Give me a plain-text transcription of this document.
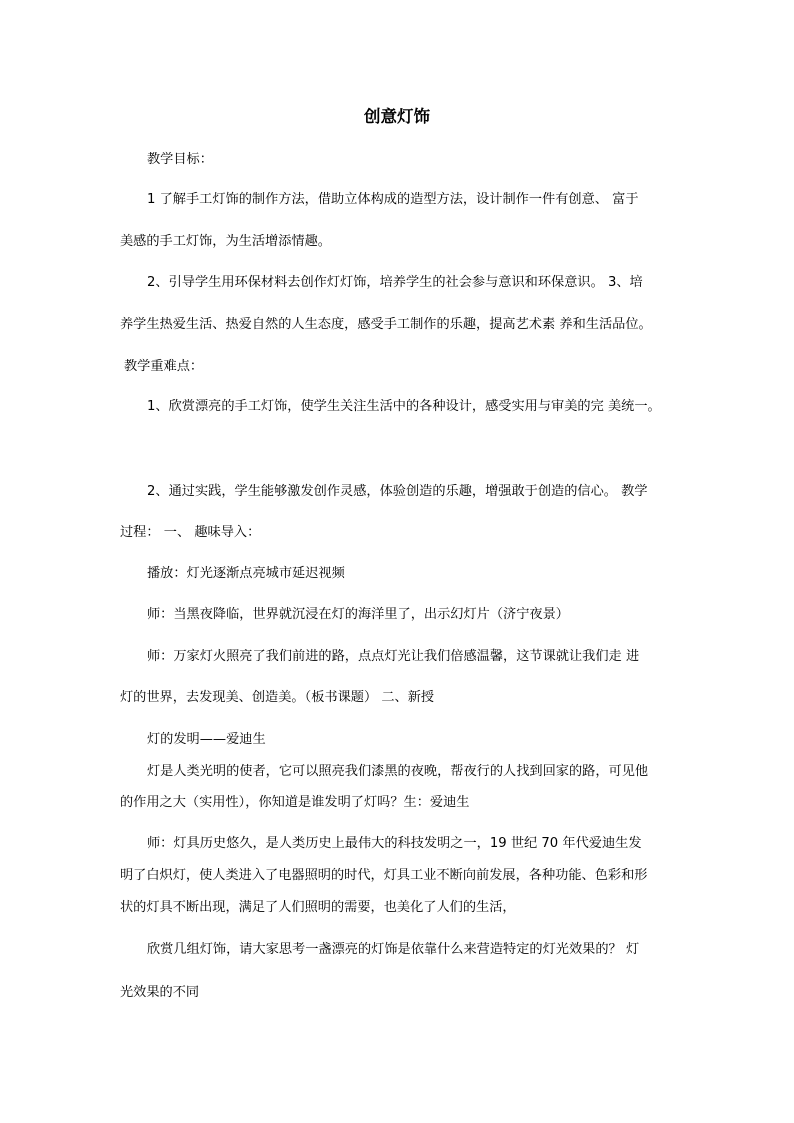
创意灯饰
教学目标：
1 了解手工灯饰的制作方法，借助立体构成的造型方法，设计制作一件有创意、 富于
美感的手工灯饰，为生活增添情趣。
2、引导学生用环保材料去创作灯灯饰，培养学生的社会参与意识和环保意识。 3、培
养学生热爱生活、热爱自然的人生态度，感受手工制作的乐趣，提高艺术素 养和生活品位。
教学重难点：
1、欣赏漂亮的手工灯饰，使学生关注生活中的各种设计，感受实用与审美的完 美统一。
2、通过实践，学生能够激发创作灵感，体验创造的乐趣，增强敢于创造的信心。 教学
过程： 一、 趣味导入：
播放：灯光逐渐点亮城市延迟视频
师：当黑夜降临，世界就沉浸在灯的海洋里了，出示幻灯片（济宁夜景）
师：万家灯火照亮了我们前进的路，点点灯光让我们倍感温馨，这节课就让我们走 进
灯的世界，去发现美、创造美。（板书课题） 二、新授
灯的发明——爱迪生
灯是人类光明的使者，它可以照亮我们漆黑的夜晚，帮夜行的人找到回家的路，可见他
的作用之大（实用性），你知道是谁发明了灯吗？生：爱迪生
师：灯具历史悠久，是人类历史上最伟大的科技发明之一，19 世纪 70 年代爱迪生发
明了白炽灯，使人类进入了电器照明的时代，灯具工业不断向前发展，各种功能、色彩和形
状的灯具不断出现，满足了人们照明的需要，也美化了人们的生活，
欣赏几组灯饰，请大家思考一盏漂亮的灯饰是依靠什么来营造特定的灯光效果的？ 灯
光效果的不同
